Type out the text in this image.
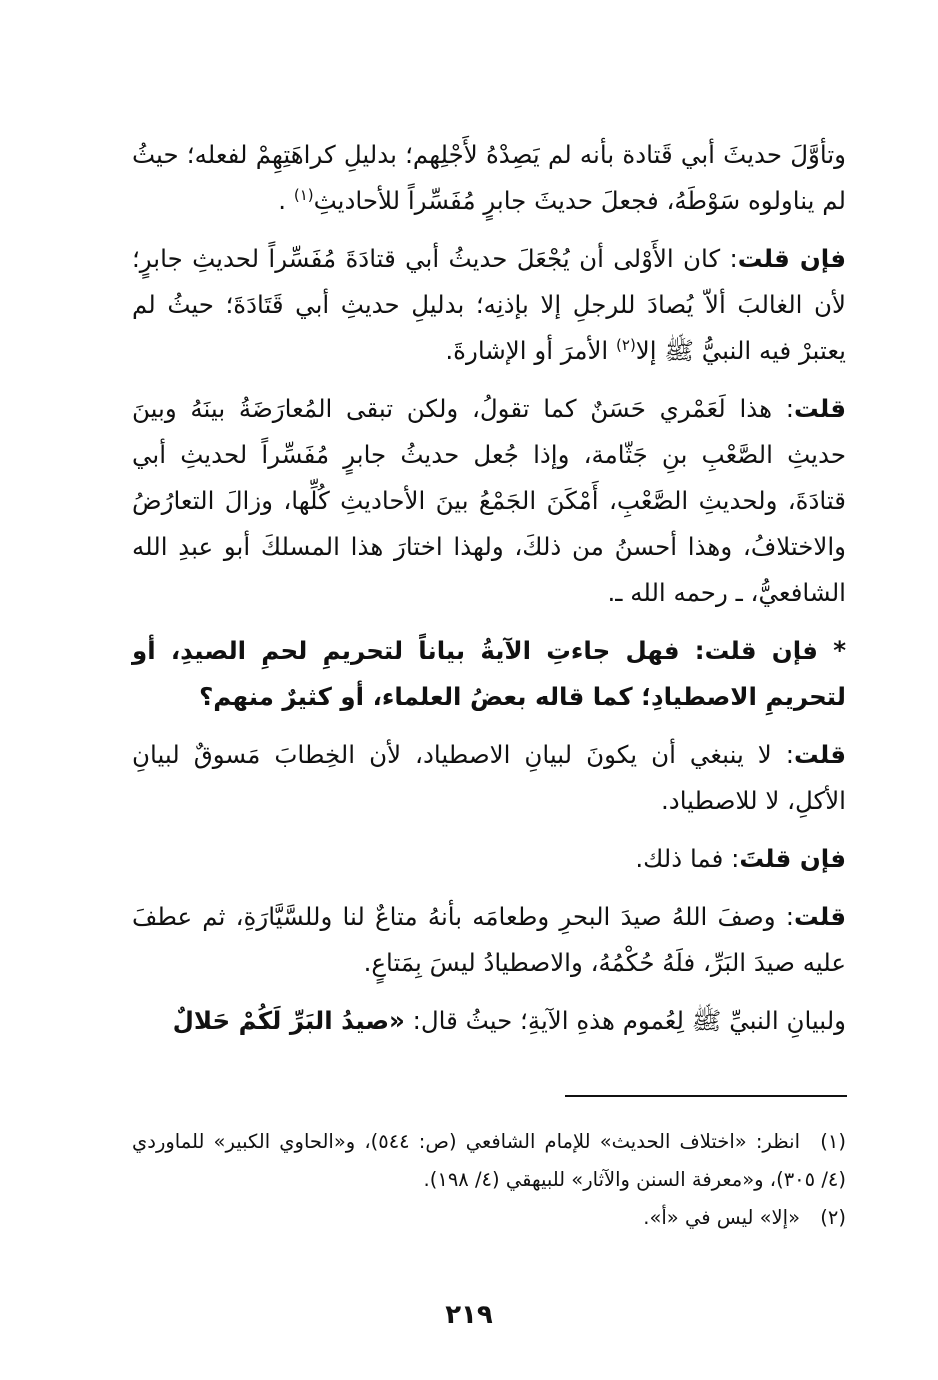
وتأوَّلَ حديثَ أبي قَتادة بأنه لم يَصِدْهُ لأَجْلِهم؛ بدليلِ كراهَتِهِمْ لفعله؛ حيثُ لم يناولوه سَوْطَهُ، فجعلَ حديثَ جابرٍ مُفَسِّراً للأحاديثِ$^{(١)}$ .

فإن قلت: كان الأَوْلى أن يُجْعَلَ حديثُ أبي قتادَةَ مُفَسِّراً لحديثِ جابرٍ؛ لأن الغالبَ ألاّ يُصادَ للرجلِ إلا بإذنِه؛ بدليلِ حديثِ أبي قَتَادَةَ؛ حيثُ لم يعتبرْ فيه النبيُّ ﷺ إلا$^{(٢)}$ الأمرَ أو الإشارةَ.

قلت: هذا لَعَمْري حَسَنٌ كما تقولُ، ولكن تبقى المُعارَضَةُ بينَهُ وبينَ حديثِ الصَّعْبِ بنِ جَثّامة، وإذا جُعل حديثُ جابرٍ مُفَسِّراً لحديثِ أبي قتادَةَ، ولحديثِ الصَّعْبِ، أَمْكَنَ الجَمْعُ بينَ الأحاديثِ كُلِّها، وزالَ التعارُضُ والاختلافُ، وهذا أحسنُ من ذلكَ، ولهذا اختارَ هذا المسلكَ أبو عبدِ الله الشافعيُّ، ـ رحمه الله ـ.

* فإن قلت: فهل جاءتِ الآيةُ بياناً لتحريمِ لحمِ الصيدِ، أو لتحريمِ الاصطيادِ؛ كما قاله بعضُ العلماء، أو كثيرٌ منهم؟

قلت: لا ينبغي أن يكونَ لبيانِ الاصطياد، لأن الخِطابَ مَسوقٌ لبيانِ الأكلِ، لا للاصطياد.

فإن قلتَ: فما ذلك.

قلت: وصفَ اللهُ صيدَ البحرِ وطعامَه بأنهُ متاعٌ لنا وللسَّيَّارَةِ، ثم عطفَ عليه صيدَ البَرِّ، فلَهُ حُكْمُهُ، والاصطيادُ ليسَ بِمَتاعٍ.

ولبيانِ النبيِّ ﷺ لِعُموم هذهِ الآيةِ؛ حيثُ قال: «صيدُ البَرِّ لَكُمْ حَلالٌ

(١)انظر: «اختلاف الحديث» للإمام الشافعي (ص: ٥٤٤)، و«الحاوي الكبير» للماوردي (٤/ ٣٠٥)، و«معرفة السنن والآثار» للبيهقي (٤/ ١٩٨).

(٢)«إلا» ليس في «أ».

٢١٩
